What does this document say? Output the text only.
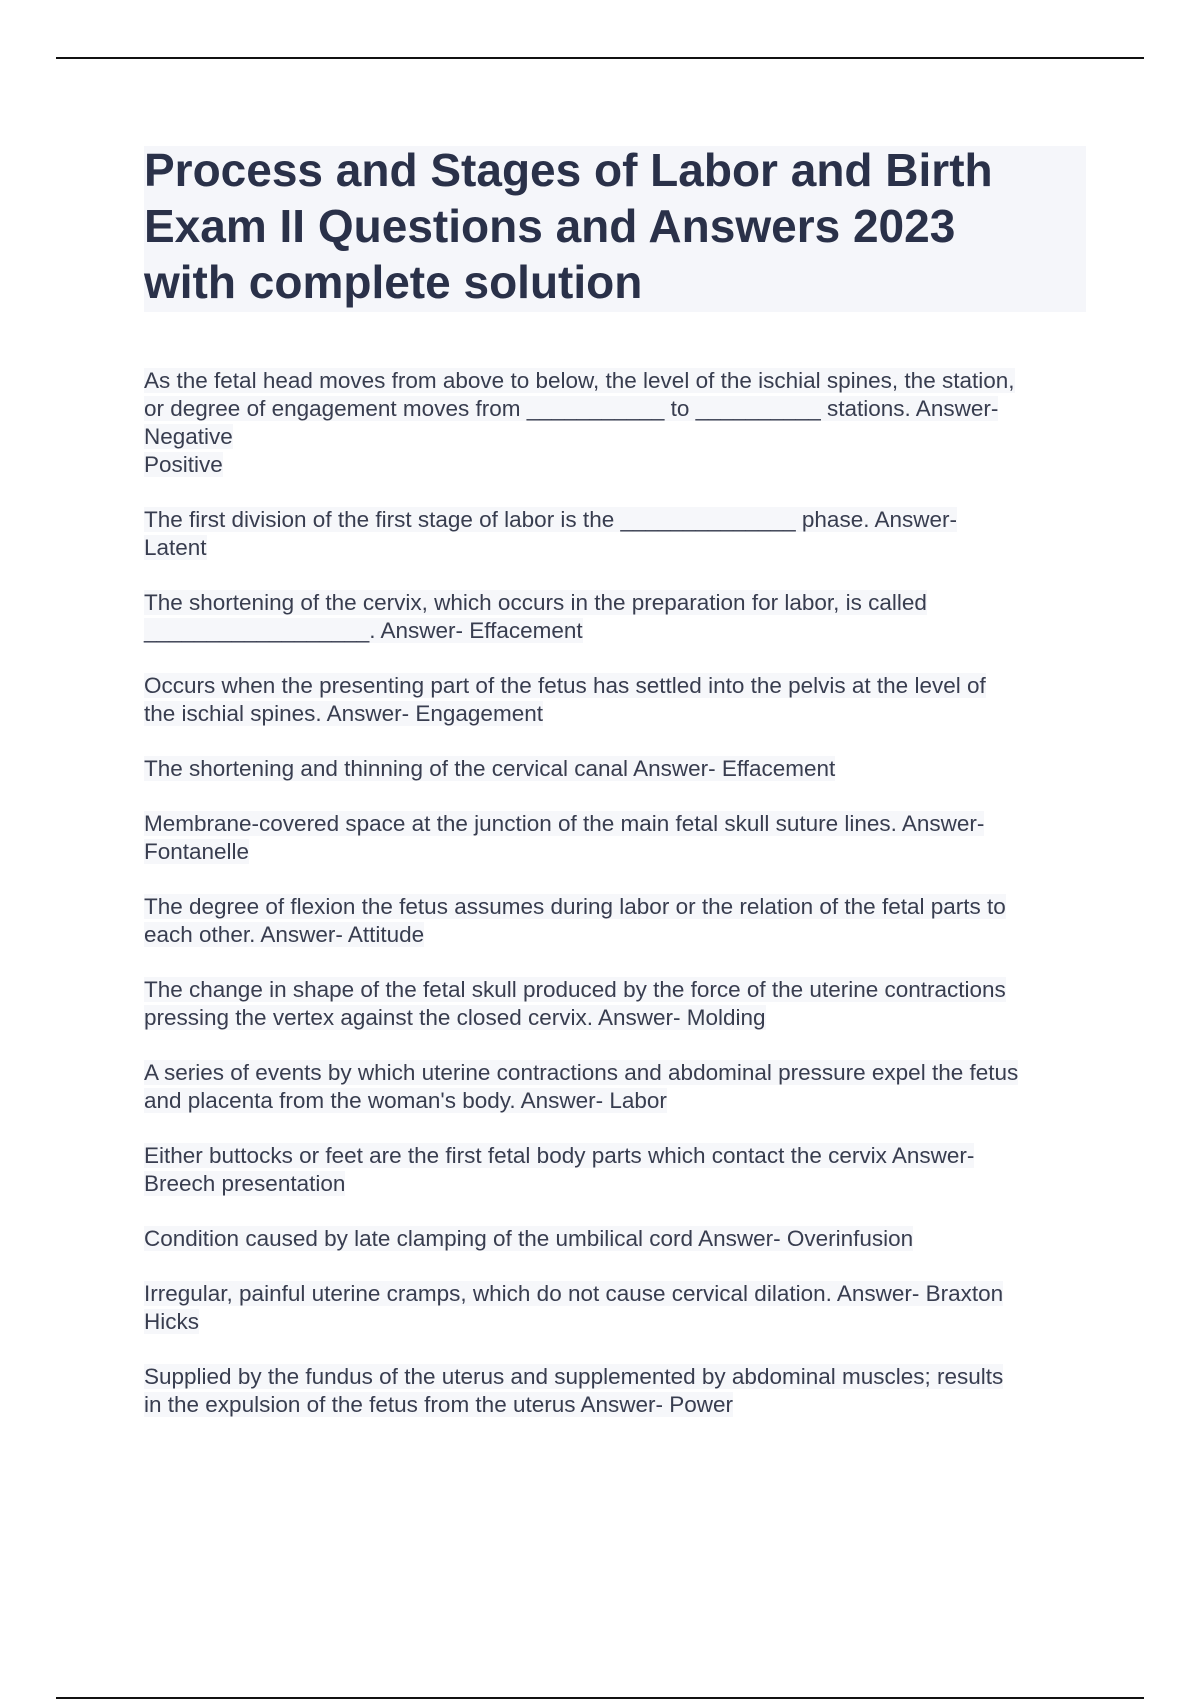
Process and Stages of Labor and Birth
Exam II Questions and Answers 2023
with complete solution

As the fetal head moves from above to below, the level of the ischial spines, the station,
or degree of engagement moves from ___________ to __________ stations. Answer-
Negative
Positive

The first division of the first stage of labor is the ______________ phase. Answer-
Latent

The shortening of the cervix, which occurs in the preparation for labor, is called
__________________. Answer- Effacement

Occurs when the presenting part of the fetus has settled into the pelvis at the level of
the ischial spines. Answer- Engagement

The shortening and thinning of the cervical canal Answer- Effacement

Membrane-covered space at the junction of the main fetal skull suture lines. Answer-
Fontanelle

The degree of flexion the fetus assumes during labor or the relation of the fetal parts to
each other. Answer- Attitude

The change in shape of the fetal skull produced by the force of the uterine contractions
pressing the vertex against the closed cervix. Answer- Molding

A series of events by which uterine contractions and abdominal pressure expel the fetus
and placenta from the woman's body. Answer- Labor

Either buttocks or feet are the first fetal body parts which contact the cervix Answer-
Breech presentation

Condition caused by late clamping of the umbilical cord Answer- Overinfusion

Irregular, painful uterine cramps, which do not cause cervical dilation. Answer- Braxton
Hicks

Supplied by the fundus of the uterus and supplemented by abdominal muscles; results
in the expulsion of the fetus from the uterus Answer- Power
